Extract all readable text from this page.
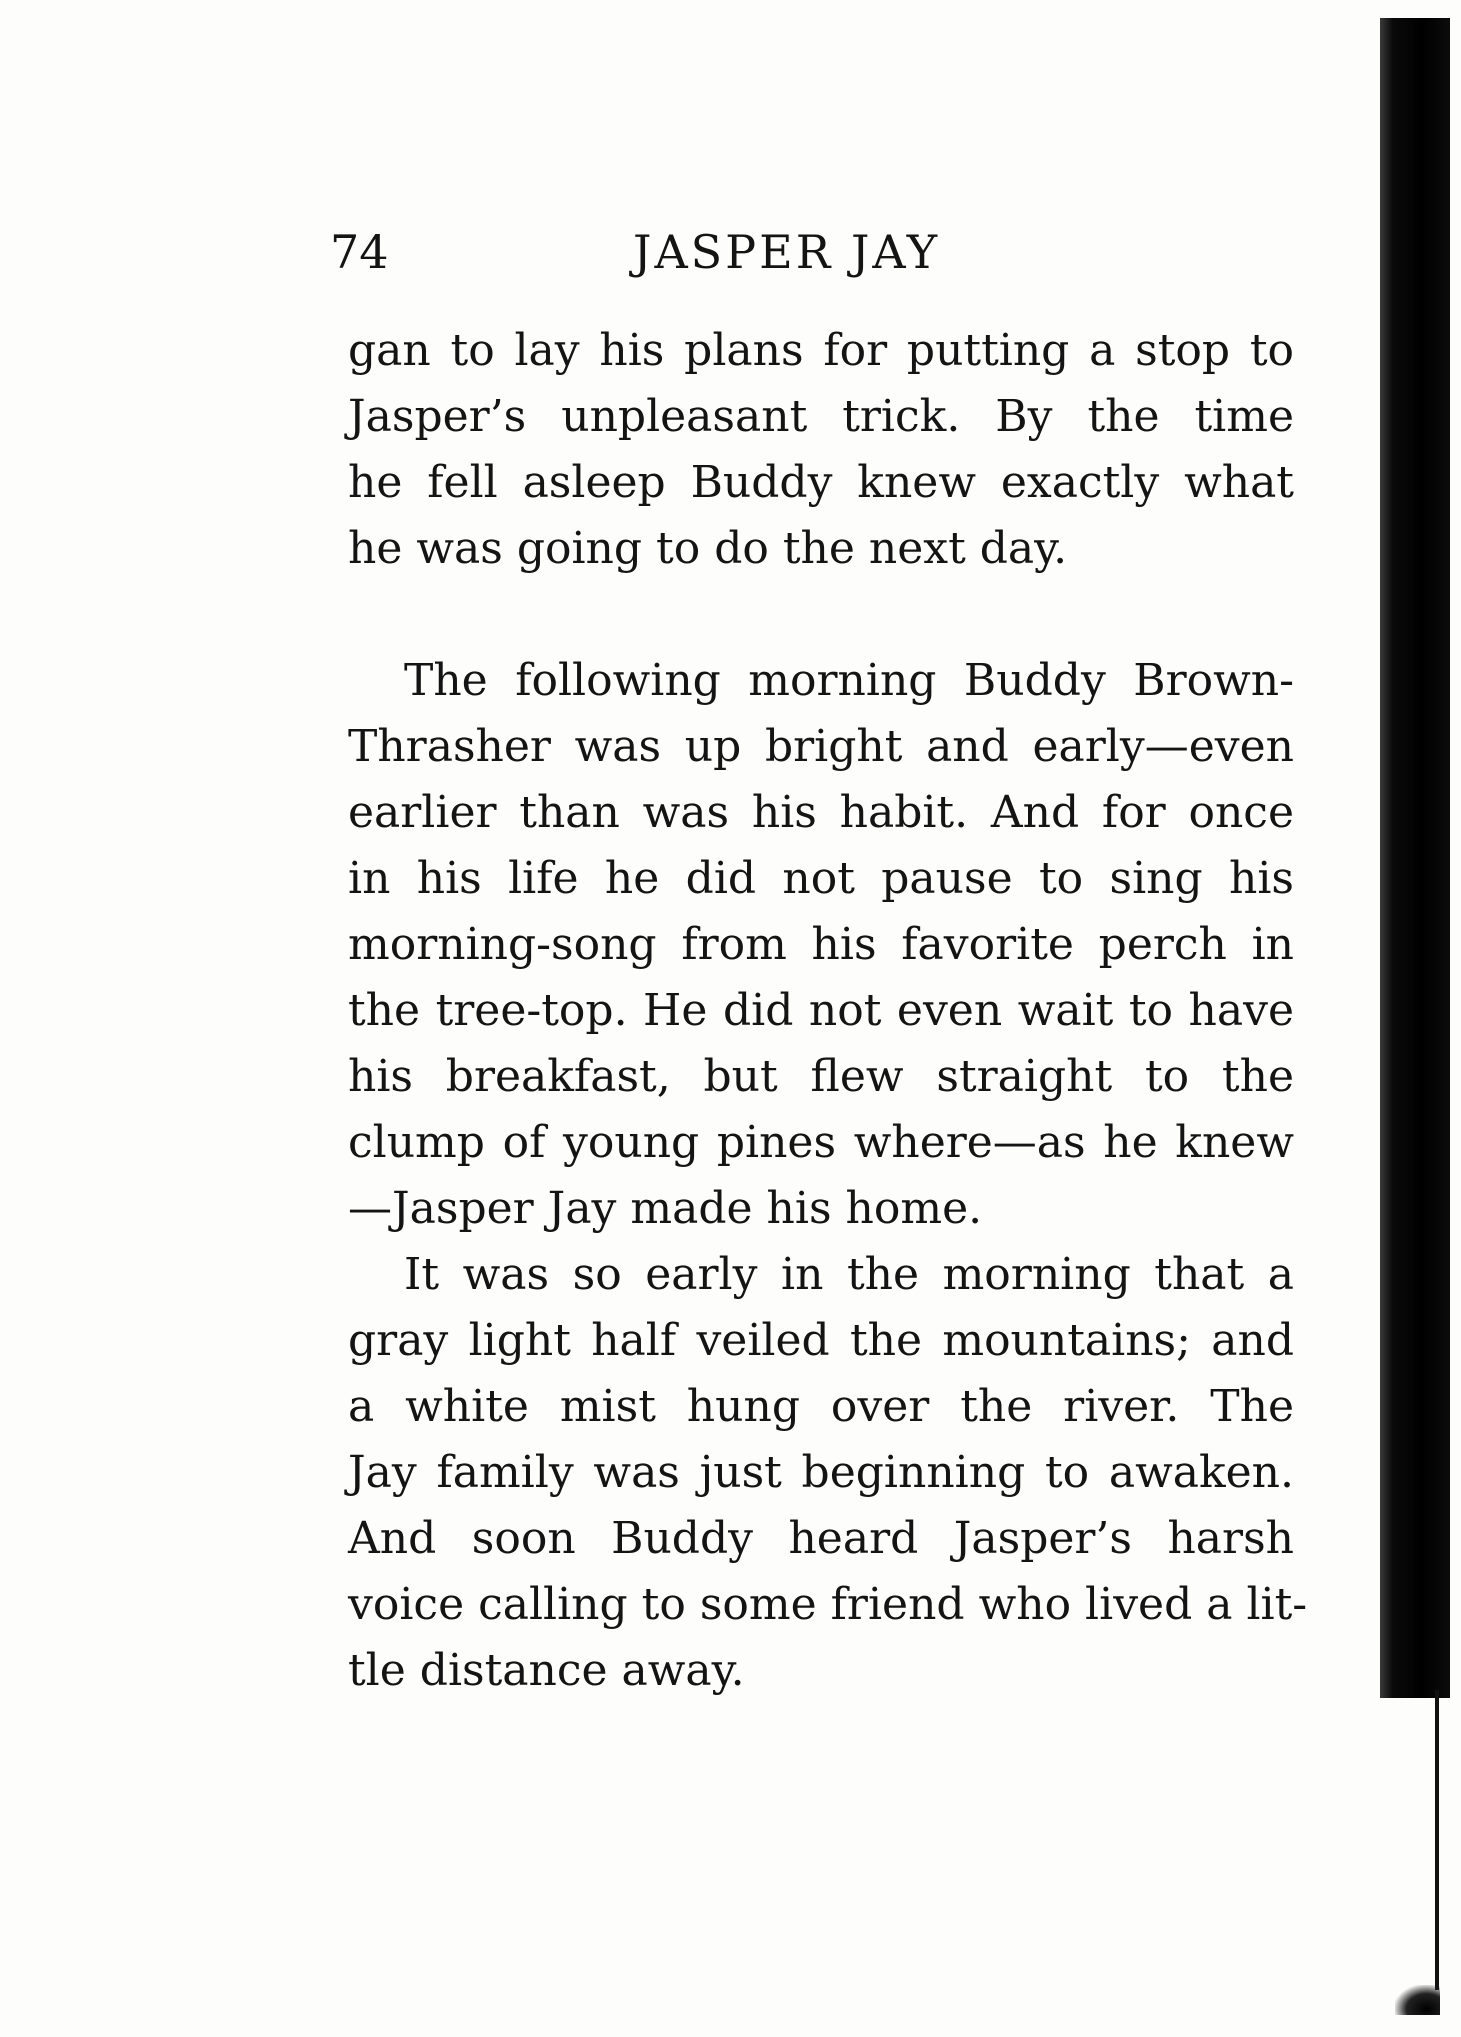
74	JASPER JAY
gan to lay his plans for putting a stop to
Jasper’s unpleasant trick. By the time
he fell asleep Buddy knew exactly what
he was going to do the next day.
The following morning Buddy Brown-
Thrasher was up bright and early—even
earlier than was his habit. And for once
in his life he did not pause to sing his
morning-song from his favorite perch in
the tree-top. He did not even wait to have
his breakfast, but flew straight to the
clump of young pines where—as he knew
—Jasper Jay made his home.
It was so early in the morning that a
gray light half veiled the mountains; and
a white mist hung over the river. The
Jay family was just beginning to awaken.
And soon Buddy heard Jasper’s harsh
voice calling to some friend who lived a lit-
tle distance away.
